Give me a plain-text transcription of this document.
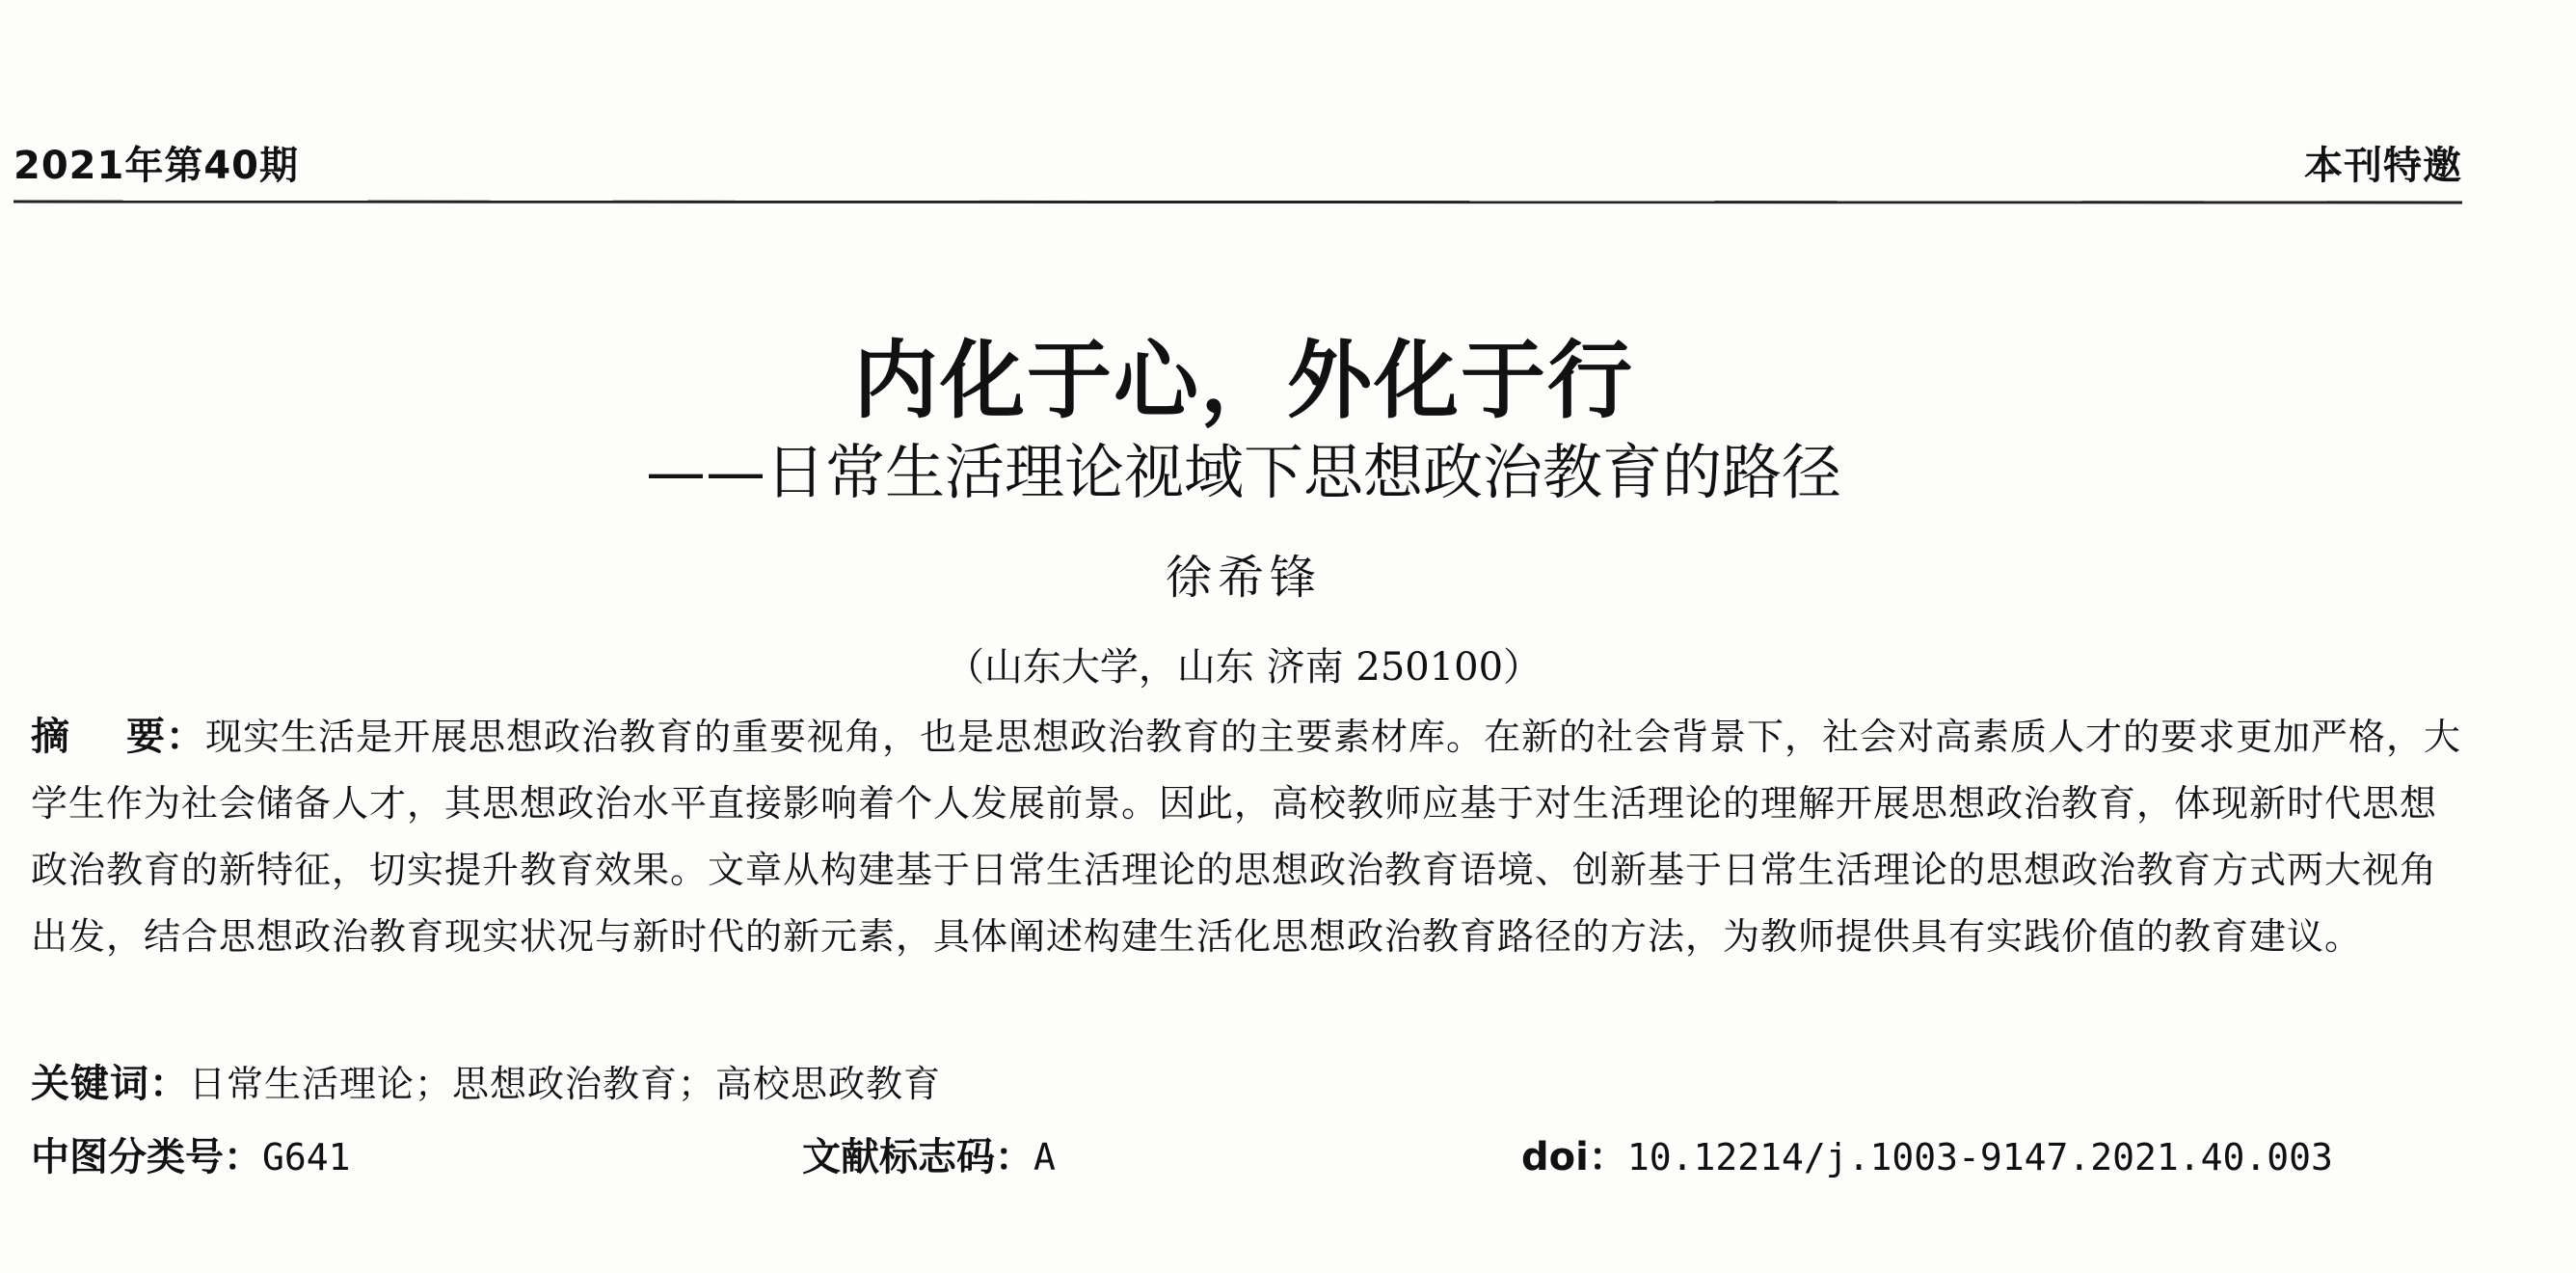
2021年第40期	本刊特邀
内化于心，外化于行
——日常生活理论视域下思想政治教育的路径
徐希锋
（山东大学，山东 济南 250100）
摘 要：现实生活是开展思想政治教育的重要视角，也是思想政治教育的主要素材库。在新的社会背景下，社会对高素质人才的要求更加严格，大学生作为社会储备人才，其思想政治水平直接影响着个人发展前景。因此，高校教师应基于对生活理论的理解开展思想政治教育，体现新时代思想政治教育的新特征，切实提升教育效果。文章从构建基于日常生活理论的思想政治教育语境、创新基于日常生活理论的思想政治教育方式两大视角出发，结合思想政治教育现实状况与新时代的新元素，具体阐述构建生活化思想政治教育路径的方法，为教师提供具有实践价值的教育建议。
关键词：日常生活理论；思想政治教育；高校思政教育
中图分类号：G641	文献标志码：A	doi：10.12214/j.1003-9147.2021.40.003
